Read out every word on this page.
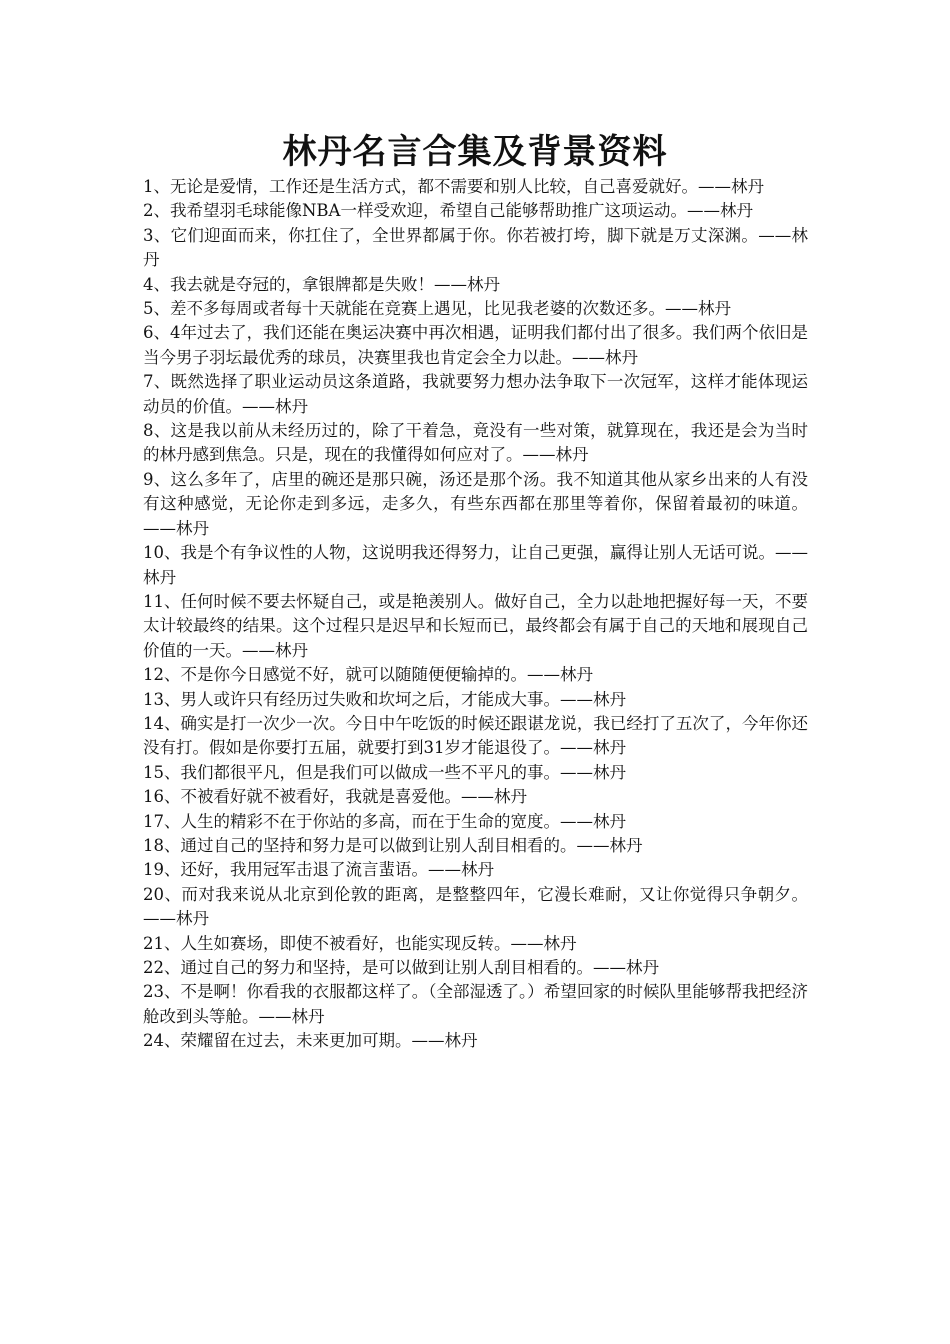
林丹名言合集及背景资料
1、无论是爱情，工作还是生活方式，都不需要和别人比较，自己喜爱就好。——林丹
2、我希望羽毛球能像NBA一样受欢迎，希望自己能够帮助推广这项运动。——林丹
3、它们迎面而来，你扛住了，全世界都属于你。你若被打垮，脚下就是万丈深渊。——林丹
4、我去就是夺冠的，拿银牌都是失败！——林丹
5、差不多每周或者每十天就能在竞赛上遇见，比见我老婆的次数还多。——林丹
6、4年过去了，我们还能在奥运决赛中再次相遇，证明我们都付出了很多。我们两个依旧是当今男子羽坛最优秀的球员，决赛里我也肯定会全力以赴。——林丹
7、既然选择了职业运动员这条道路，我就要努力想办法争取下一次冠军，这样才能体现运动员的价值。——林丹
8、这是我以前从未经历过的，除了干着急，竟没有一些对策，就算现在，我还是会为当时的林丹感到焦急。只是，现在的我懂得如何应对了。——林丹
9、这么多年了，店里的碗还是那只碗，汤还是那个汤。我不知道其他从家乡出来的人有没有这种感觉，无论你走到多远，走多久，有些东西都在那里等着你，保留着最初的味道。——林丹
10、我是个有争议性的人物，这说明我还得努力，让自己更强，赢得让别人无话可说。——林丹
11、任何时候不要去怀疑自己，或是艳羡别人。做好自己，全力以赴地把握好每一天，不要太计较最终的结果。这个过程只是迟早和长短而已，最终都会有属于自己的天地和展现自己价值的一天。——林丹
12、不是你今日感觉不好，就可以随随便便输掉的。——林丹
13、男人或许只有经历过失败和坎坷之后，才能成大事。——林丹
14、确实是打一次少一次。今日中午吃饭的时候还跟谌龙说，我已经打了五次了，今年你还没有打。假如是你要打五届，就要打到31岁才能退役了。——林丹
15、我们都很平凡，但是我们可以做成一些不平凡的事。——林丹
16、不被看好就不被看好，我就是喜爱他。——林丹
17、人生的精彩不在于你站的多高，而在于生命的宽度。——林丹
18、通过自己的坚持和努力是可以做到让别人刮目相看的。——林丹
19、还好，我用冠军击退了流言蜚语。——林丹
20、而对我来说从北京到伦敦的距离，是整整四年，它漫长难耐，又让你觉得只争朝夕。——林丹
21、人生如赛场，即使不被看好，也能实现反转。——林丹
22、通过自己的努力和坚持，是可以做到让别人刮目相看的。——林丹
23、不是啊！你看我的衣服都这样了。（全部湿透了。）希望回家的时候队里能够帮我把经济舱改到头等舱。——林丹
24、荣耀留在过去，未来更加可期。——林丹
